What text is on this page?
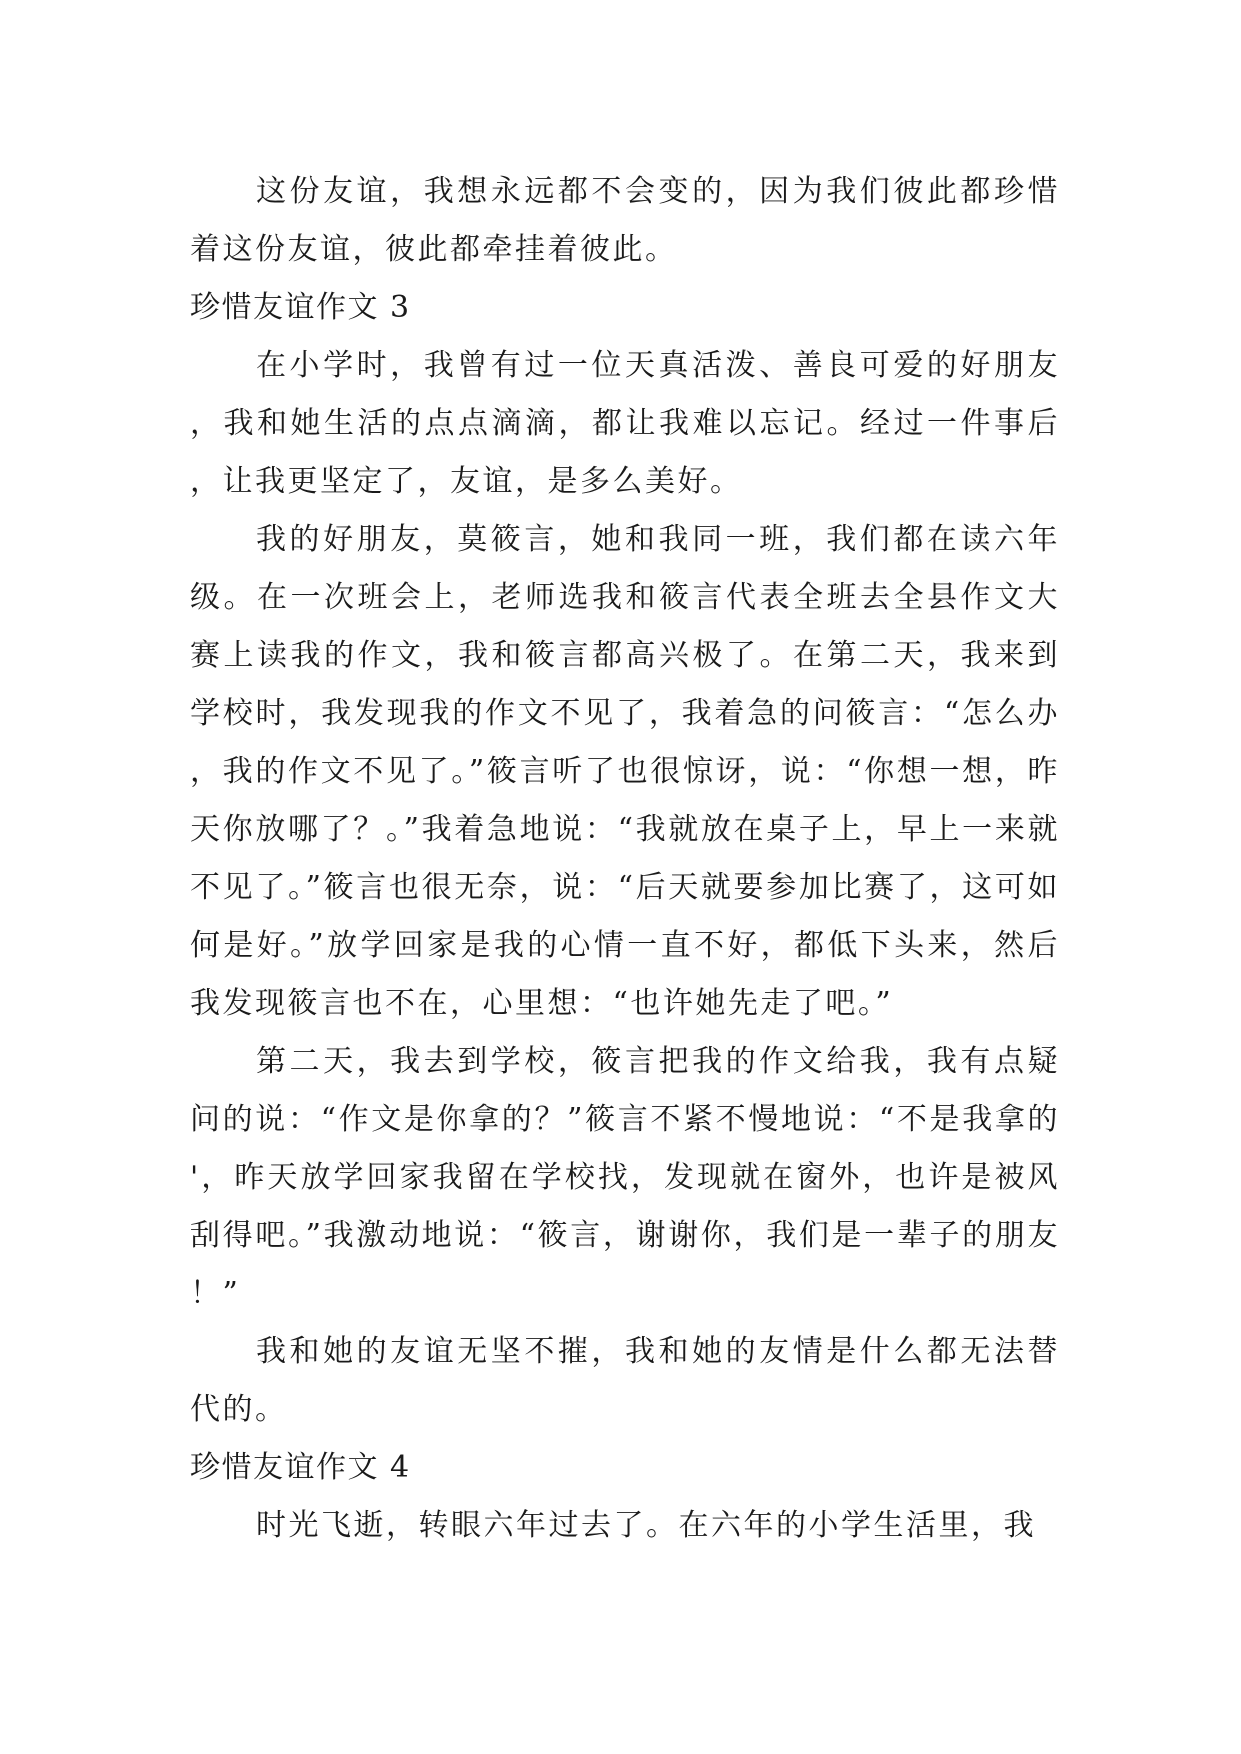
这份友谊，我想永远都不会变的，因为我们彼此都珍惜着这份友谊，彼此都牵挂着彼此。

珍惜友谊作文 3

在小学时，我曾有过一位天真活泼、善良可爱的好朋友，我和她生活的点点滴滴，都让我难以忘记。经过一件事后，让我更坚定了，友谊，是多么美好。

我的好朋友，莫筱言，她和我同一班，我们都在读六年级。在一次班会上，老师选我和筱言代表全班去全县作文大赛上读我的作文，我和筱言都高兴极了。在第二天，我来到学校时，我发现我的作文不见了，我着急的问筱言：“怎么办，我的作文不见了。”筱言听了也很惊讶，说：“你想一想，昨天你放哪了？。”我着急地说：“我就放在桌子上，早上一来就不见了。”筱言也很无奈，说：“后天就要参加比赛了，这可如何是好。”放学回家是我的心情一直不好，都低下头来，然后我发现筱言也不在，心里想：“也许她先走了吧。”

第二天，我去到学校，筱言把我的作文给我，我有点疑问的说：“作文是你拿的？”筱言不紧不慢地说：“不是我拿的'，昨天放学回家我留在学校找，发现就在窗外，也许是被风刮得吧。”我激动地说：“筱言，谢谢你，我们是一辈子的朋友！”

我和她的友谊无坚不摧，我和她的友情是什么都无法替代的。

珍惜友谊作文 4

时光飞逝，转眼六年过去了。在六年的小学生活里，我
